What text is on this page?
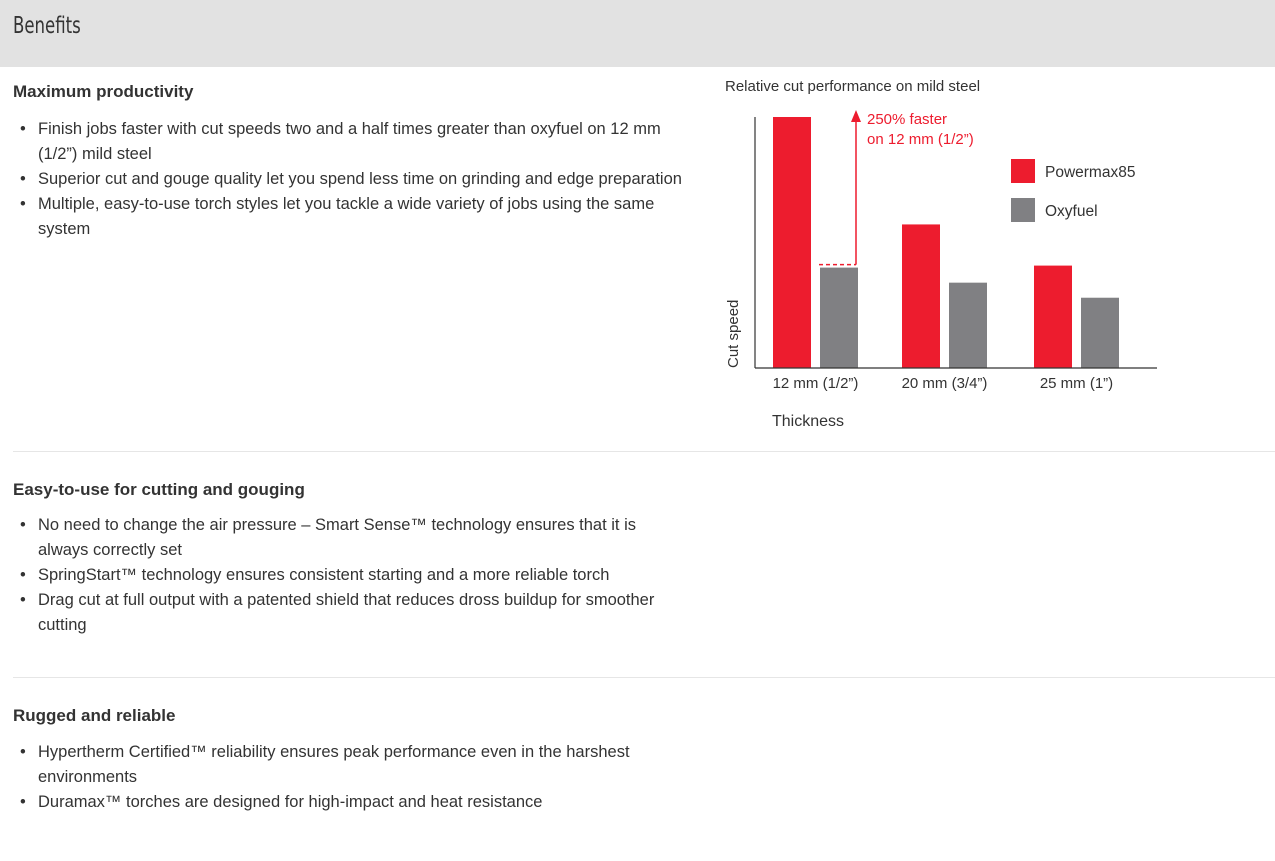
Benefits
Maximum productivity
• Finish jobs faster with cut speeds two and a half times greater than oxyfuel on 12 mm (1/2”) mild steel
• Superior cut and gouge quality let you spend less time on grinding and edge preparation
• Multiple, easy-to-use torch styles let you tackle a wide variety of jobs using the same system
Relative cut performance on mild steel
12 mm (1/2”)	20 mm (3/4”)	25 mm (1”)
Cut speed
Thickness
250% faster
on 12 mm (1/2”)
Powermax85
Oxyfuel
Easy-to-use for cutting and gouging
• No need to change the air pressure – Smart Sense™ technology ensures that it is always correctly set
• SpringStart™ technology ensures consistent starting and a more reliable torch
• Drag cut at full output with a patented shield that reduces dross buildup for smoother cutting
Rugged and reliable
• Hypertherm Certified™ reliability ensures peak performance even in the harshest environments
• Duramax™ torches are designed for high-impact and heat resistance
